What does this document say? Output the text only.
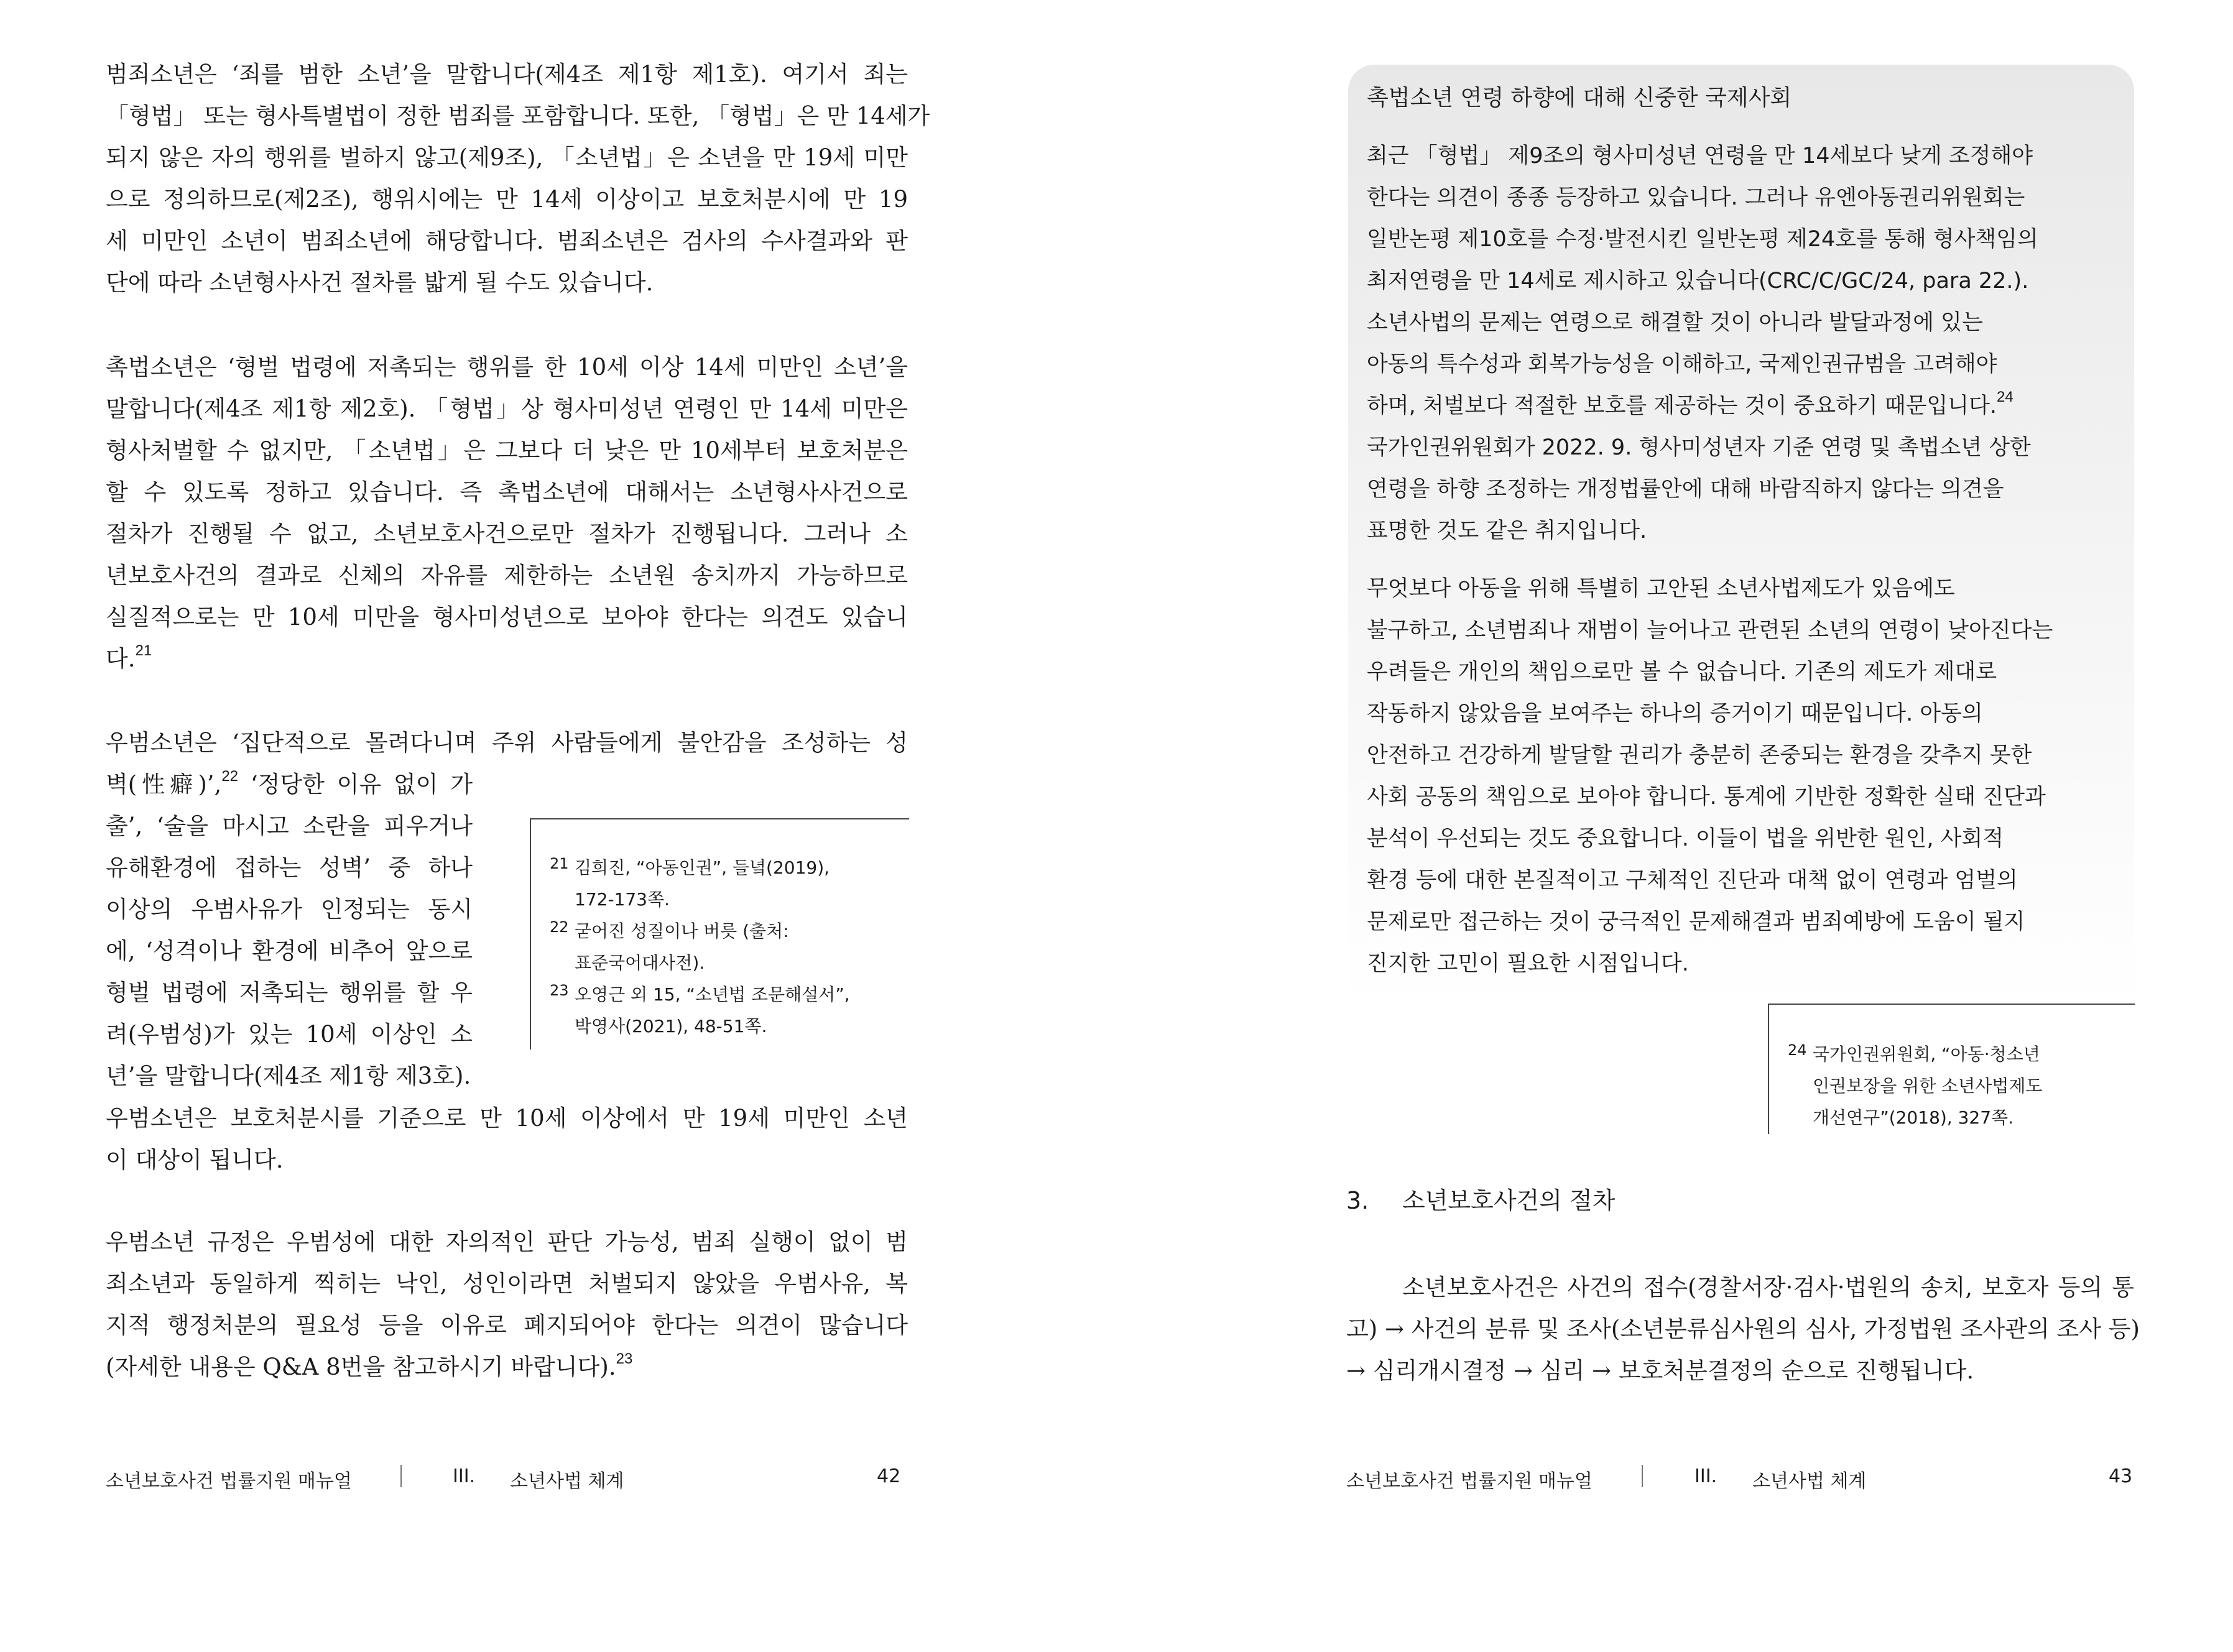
범죄소년은 ‘죄를 범한 소년’을 말합니다(제4조 제1항 제1호). 여기서 죄는
「형법」 또는 형사특별법이 정한 범죄를 포함합니다. 또한, 「형법」은 만 14세가
되지 않은 자의 행위를 벌하지 않고(제9조), 「소년법」은 소년을 만 19세 미만
으로 정의하므로(제2조), 행위시에는 만 14세 이상이고 보호처분시에 만 19
세 미만인 소년이 범죄소년에 해당합니다. 범죄소년은 검사의 수사결과와 판
단에 따라 소년형사사건 절차를 밟게 될 수도 있습니다.
촉법소년은 ‘형벌 법령에 저촉되는 행위를 한 10세 이상 14세 미만인 소년’을
말합니다(제4조 제1항 제2호). 「형법」상 형사미성년 연령인 만 14세 미만은
형사처벌할 수 없지만, 「소년법」은 그보다 더 낮은 만 10세부터 보호처분은
할 수 있도록 정하고 있습니다. 즉 촉법소년에 대해서는 소년형사사건으로
절차가 진행될 수 없고, 소년보호사건으로만 절차가 진행됩니다. 그러나 소
년보호사건의 결과로 신체의 자유를 제한하는 소년원 송치까지 가능하므로
실질적으로는 만 10세 미만을 형사미성년으로 보아야 한다는 의견도 있습니
다.$^{21}$
우범소년은 ‘집단적으로 몰려다니며 주위 사람들에게 불안감을 조성하는 성
벽(性癖)’,$^{22}$ ‘정당한 이유 없이 가
출’, ‘술을 마시고 소란을 피우거나
유해환경에 접하는 성벽’ 중 하나
이상의 우범사유가 인정되는 동시
에, ‘성격이나 환경에 비추어 앞으로
형벌 법령에 저촉되는 행위를 할 우
려(우범성)가 있는 10세 이상인 소
년’을 말합니다(제4조 제1항 제3호).
우범소년은 보호처분시를 기준으로 만 10세 이상에서 만 19세 미만인 소년
이 대상이 됩니다.
우범소년 규정은 우범성에 대한 자의적인 판단 가능성, 범죄 실행이 없이 범
죄소년과 동일하게 찍히는 낙인, 성인이라면 처벌되지 않았을 우범사유, 복
지적 행정처분의 필요성 등을 이유로 폐지되어야 한다는 의견이 많습니다
(자세한 내용은 Q&A 8번을 참고하시기 바랍니다).$^{23}$
21 김희진, “아동인권”, 들녘(2019),
172-173쪽.
22 굳어진 성질이나 버릇 (출처:
표준국어대사전).
23 오영근 외 15, “소년법 조문해설서”,
박영사(2021), 48-51쪽.
소년보호사건 법률지원 매뉴얼	III. 소년사법 체계	42
촉법소년 연령 하향에 대해 신중한 국제사회
최근 「형법」 제9조의 형사미성년 연령을 만 14세보다 낮게 조정해야
한다는 의견이 종종 등장하고 있습니다. 그러나 유엔아동권리위원회는
일반논평 제10호를 수정·발전시킨 일반논평 제24호를 통해 형사책임의
최저연령을 만 14세로 제시하고 있습니다(CRC/C/GC/24, para 22.).
소년사법의 문제는 연령으로 해결할 것이 아니라 발달과정에 있는
아동의 특수성과 회복가능성을 이해하고, 국제인권규범을 고려해야
하며, 처벌보다 적절한 보호를 제공하는 것이 중요하기 때문입니다.$^{24}$
국가인권위원회가 2022. 9. 형사미성년자 기준 연령 및 촉법소년 상한
연령을 하향 조정하는 개정법률안에 대해 바람직하지 않다는 의견을
표명한 것도 같은 취지입니다.
무엇보다 아동을 위해 특별히 고안된 소년사법제도가 있음에도
불구하고, 소년범죄나 재범이 늘어나고 관련된 소년의 연령이 낮아진다는
우려들은 개인의 책임으로만 볼 수 없습니다. 기존의 제도가 제대로
작동하지 않았음을 보여주는 하나의 증거이기 때문입니다. 아동의
안전하고 건강하게 발달할 권리가 충분히 존중되는 환경을 갖추지 못한
사회 공동의 책임으로 보아야 합니다. 통계에 기반한 정확한 실태 진단과
분석이 우선되는 것도 중요합니다. 이들이 법을 위반한 원인, 사회적
환경 등에 대한 본질적이고 구체적인 진단과 대책 없이 연령과 엄벌의
문제로만 접근하는 것이 궁극적인 문제해결과 범죄예방에 도움이 될지
진지한 고민이 필요한 시점입니다.
24 국가인권위원회, “아동·청소년
인권보장을 위한 소년사법제도
개선연구”(2018), 327쪽.
3. 소년보호사건의 절차
소년보호사건은 사건의 접수(경찰서장·검사·법원의 송치, 보호자 등의 통
고) → 사건의 분류 및 조사(소년분류심사원의 심사, 가정법원 조사관의 조사 등)
→ 심리개시결정 → 심리 → 보호처분결정의 순으로 진행됩니다.
소년보호사건 법률지원 매뉴얼	III. 소년사법 체계	43
